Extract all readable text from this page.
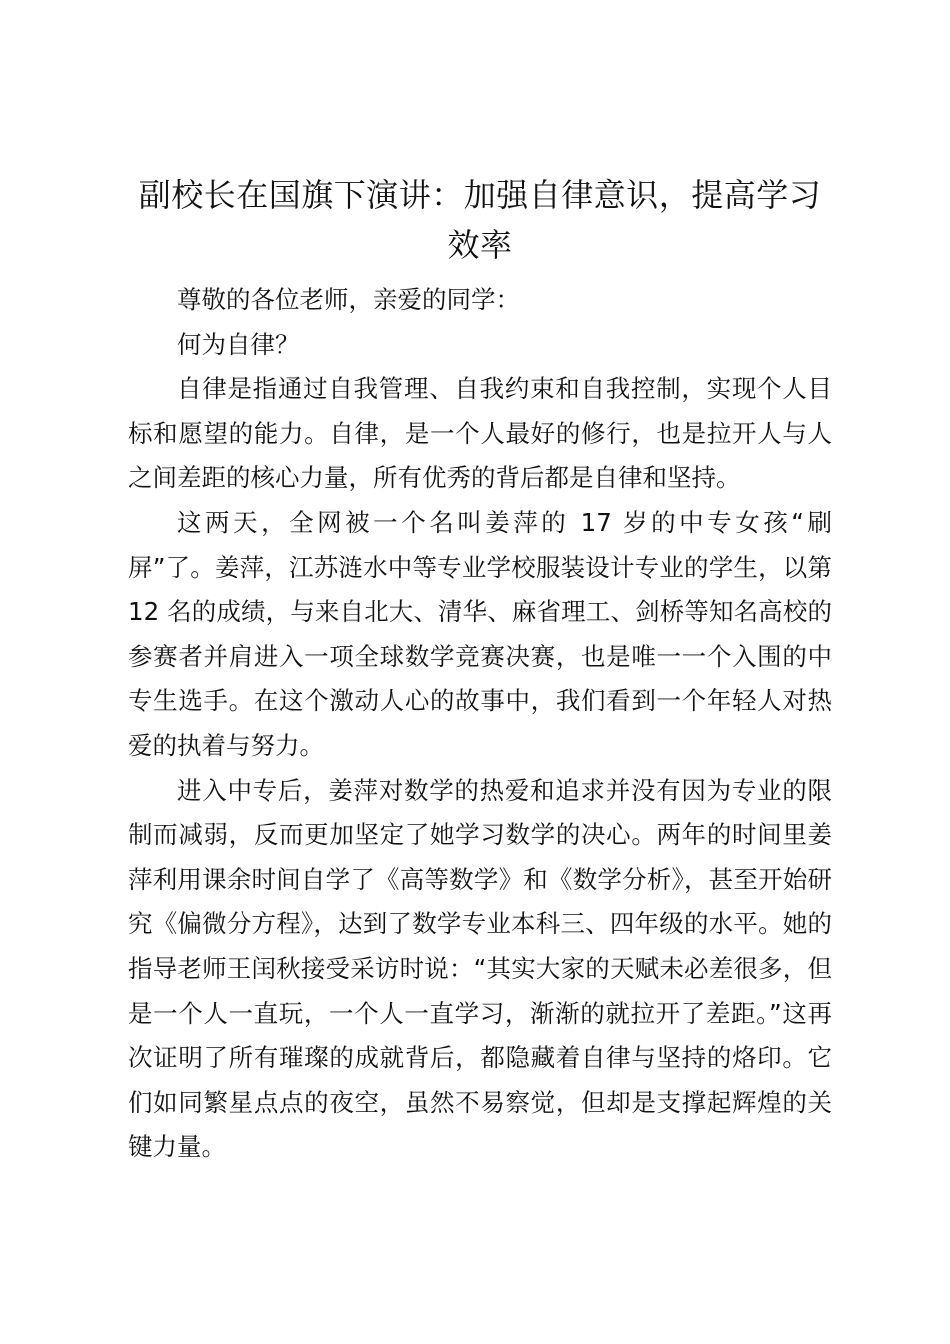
副校长在国旗下演讲：加强自律意识，提高学习效率

尊敬的各位老师，亲爱的同学：

何为自律？

自律是指通过自我管理、自我约束和自我控制，实现个人目标和愿望的能力。自律，是一个人最好的修行，也是拉开人与人之间差距的核心力量，所有优秀的背后都是自律和坚持。

这两天，全网被一个名叫姜萍的 17 岁的中专女孩“刷屏”了。姜萍，江苏涟水中等专业学校服装设计专业的学生，以第 12 名的成绩，与来自北大、清华、麻省理工、剑桥等知名高校的参赛者并肩进入一项全球数学竞赛决赛，也是唯一一个入围的中专生选手。在这个激动人心的故事中，我们看到一个年轻人对热爱的执着与努力。

进入中专后，姜萍对数学的热爱和追求并没有因为专业的限制而减弱，反而更加坚定了她学习数学的决心。两年的时间里姜萍利用课余时间自学了《高等数学》和《数学分析》，甚至开始研究《偏微分方程》，达到了数学专业本科三、四年级的水平。她的指导老师王闰秋接受采访时说：“其实大家的天赋未必差很多，但是一个人一直玩，一个人一直学习，渐渐的就拉开了差距。”这再次证明了所有璀璨的成就背后，都隐藏着自律与坚持的烙印。它们如同繁星点点的夜空，虽然不易察觉，但却是支撑起辉煌的关键力量。
